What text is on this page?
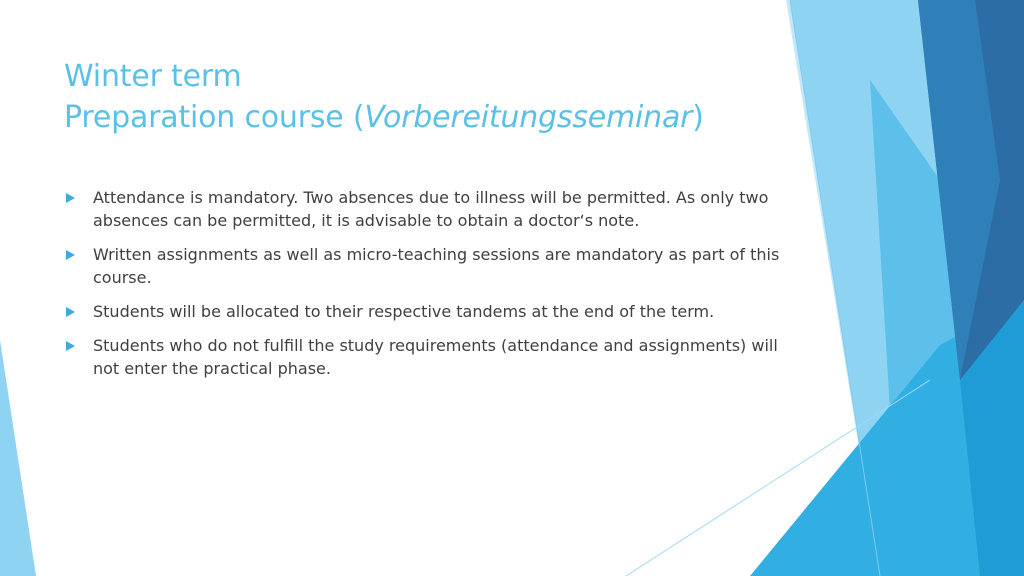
Winter term
Preparation course (Vorbereitungsseminar)
Attendance is mandatory. Two absences due to illness will be permitted. As only two absences can be permitted, it is advisable to obtain a doctor‘s note.
Written assignments as well as micro-teaching sessions are mandatory as part of this course.
Students will be allocated to their respective tandems at the end of the term.
Students who do not fulfill the study requirements (attendance and assignments) will not enter the practical phase.
